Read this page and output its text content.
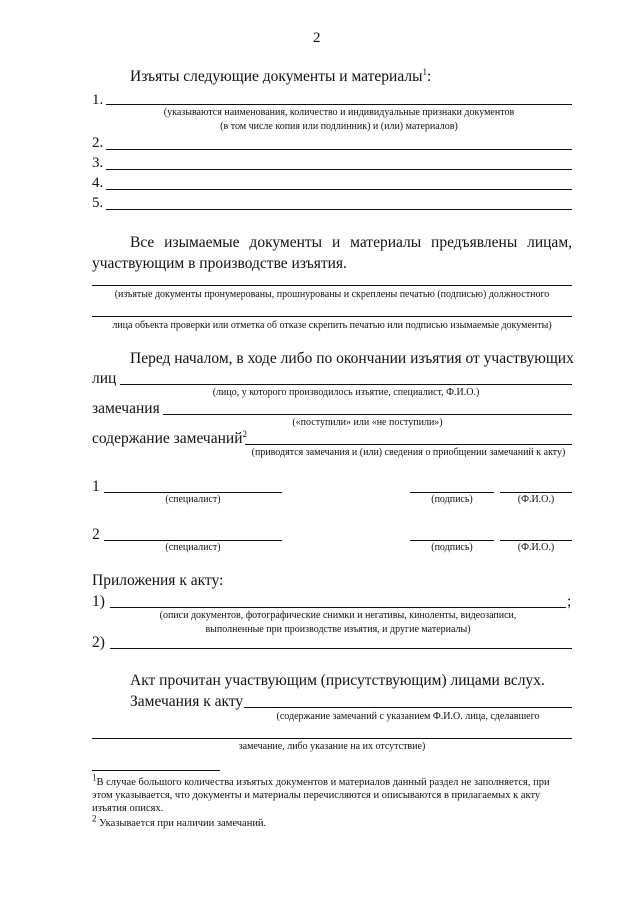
2
Изъяты следующие документы и материалы$^1$:
1.
(указываются наименования, количество и индивидуальные признаки документов
(в том числе копия или подлинник) и (или) материалов)
2.
3.
4.
5.
Все изымаемые документы и материалы предъявлены лицам,
участвующим в производстве изъятия.
(изъятые документы пронумерованы, прошнурованы и скреплены печатью (подписью) должностного
лица объекта проверки или отметка об отказе скрепить печатью или подписью изымаемые документы)
Перед началом, в ходе либо по окончании изъятия от участвующих
лиц
(лицо, у которого производилось изъятие, специалист, Ф.И.О.)
замечания
(«поступили» или «не поступили»)
содержание замечаний$^2$
(приводятся замечания и (или) сведения о приобщении замечаний к акту)
1
(специалист)	(подпись)	(Ф.И.О.)
2
(специалист)	(подпись)	(Ф.И.О.)
Приложения к акту:
1)	;
(описи документов, фотографические снимки и негативы, киноленты, видеозаписи,
выполненные при производстве изъятия, и другие материалы)
2)
Акт прочитан участвующим (присутствующим) лицами вслух.
Замечания к акту
(содержание замечаний с указанием Ф.И.О. лица, сделавшего
замечание, либо указание на их отсутствие)
$^1$В случае большого количества изъятых документов и материалов данный раздел не заполняется, при
этом указывается, что документы и материалы перечисляются и описываются в прилагаемых к акту
изъятия описях.
$^2$ Указывается при наличии замечаний.
